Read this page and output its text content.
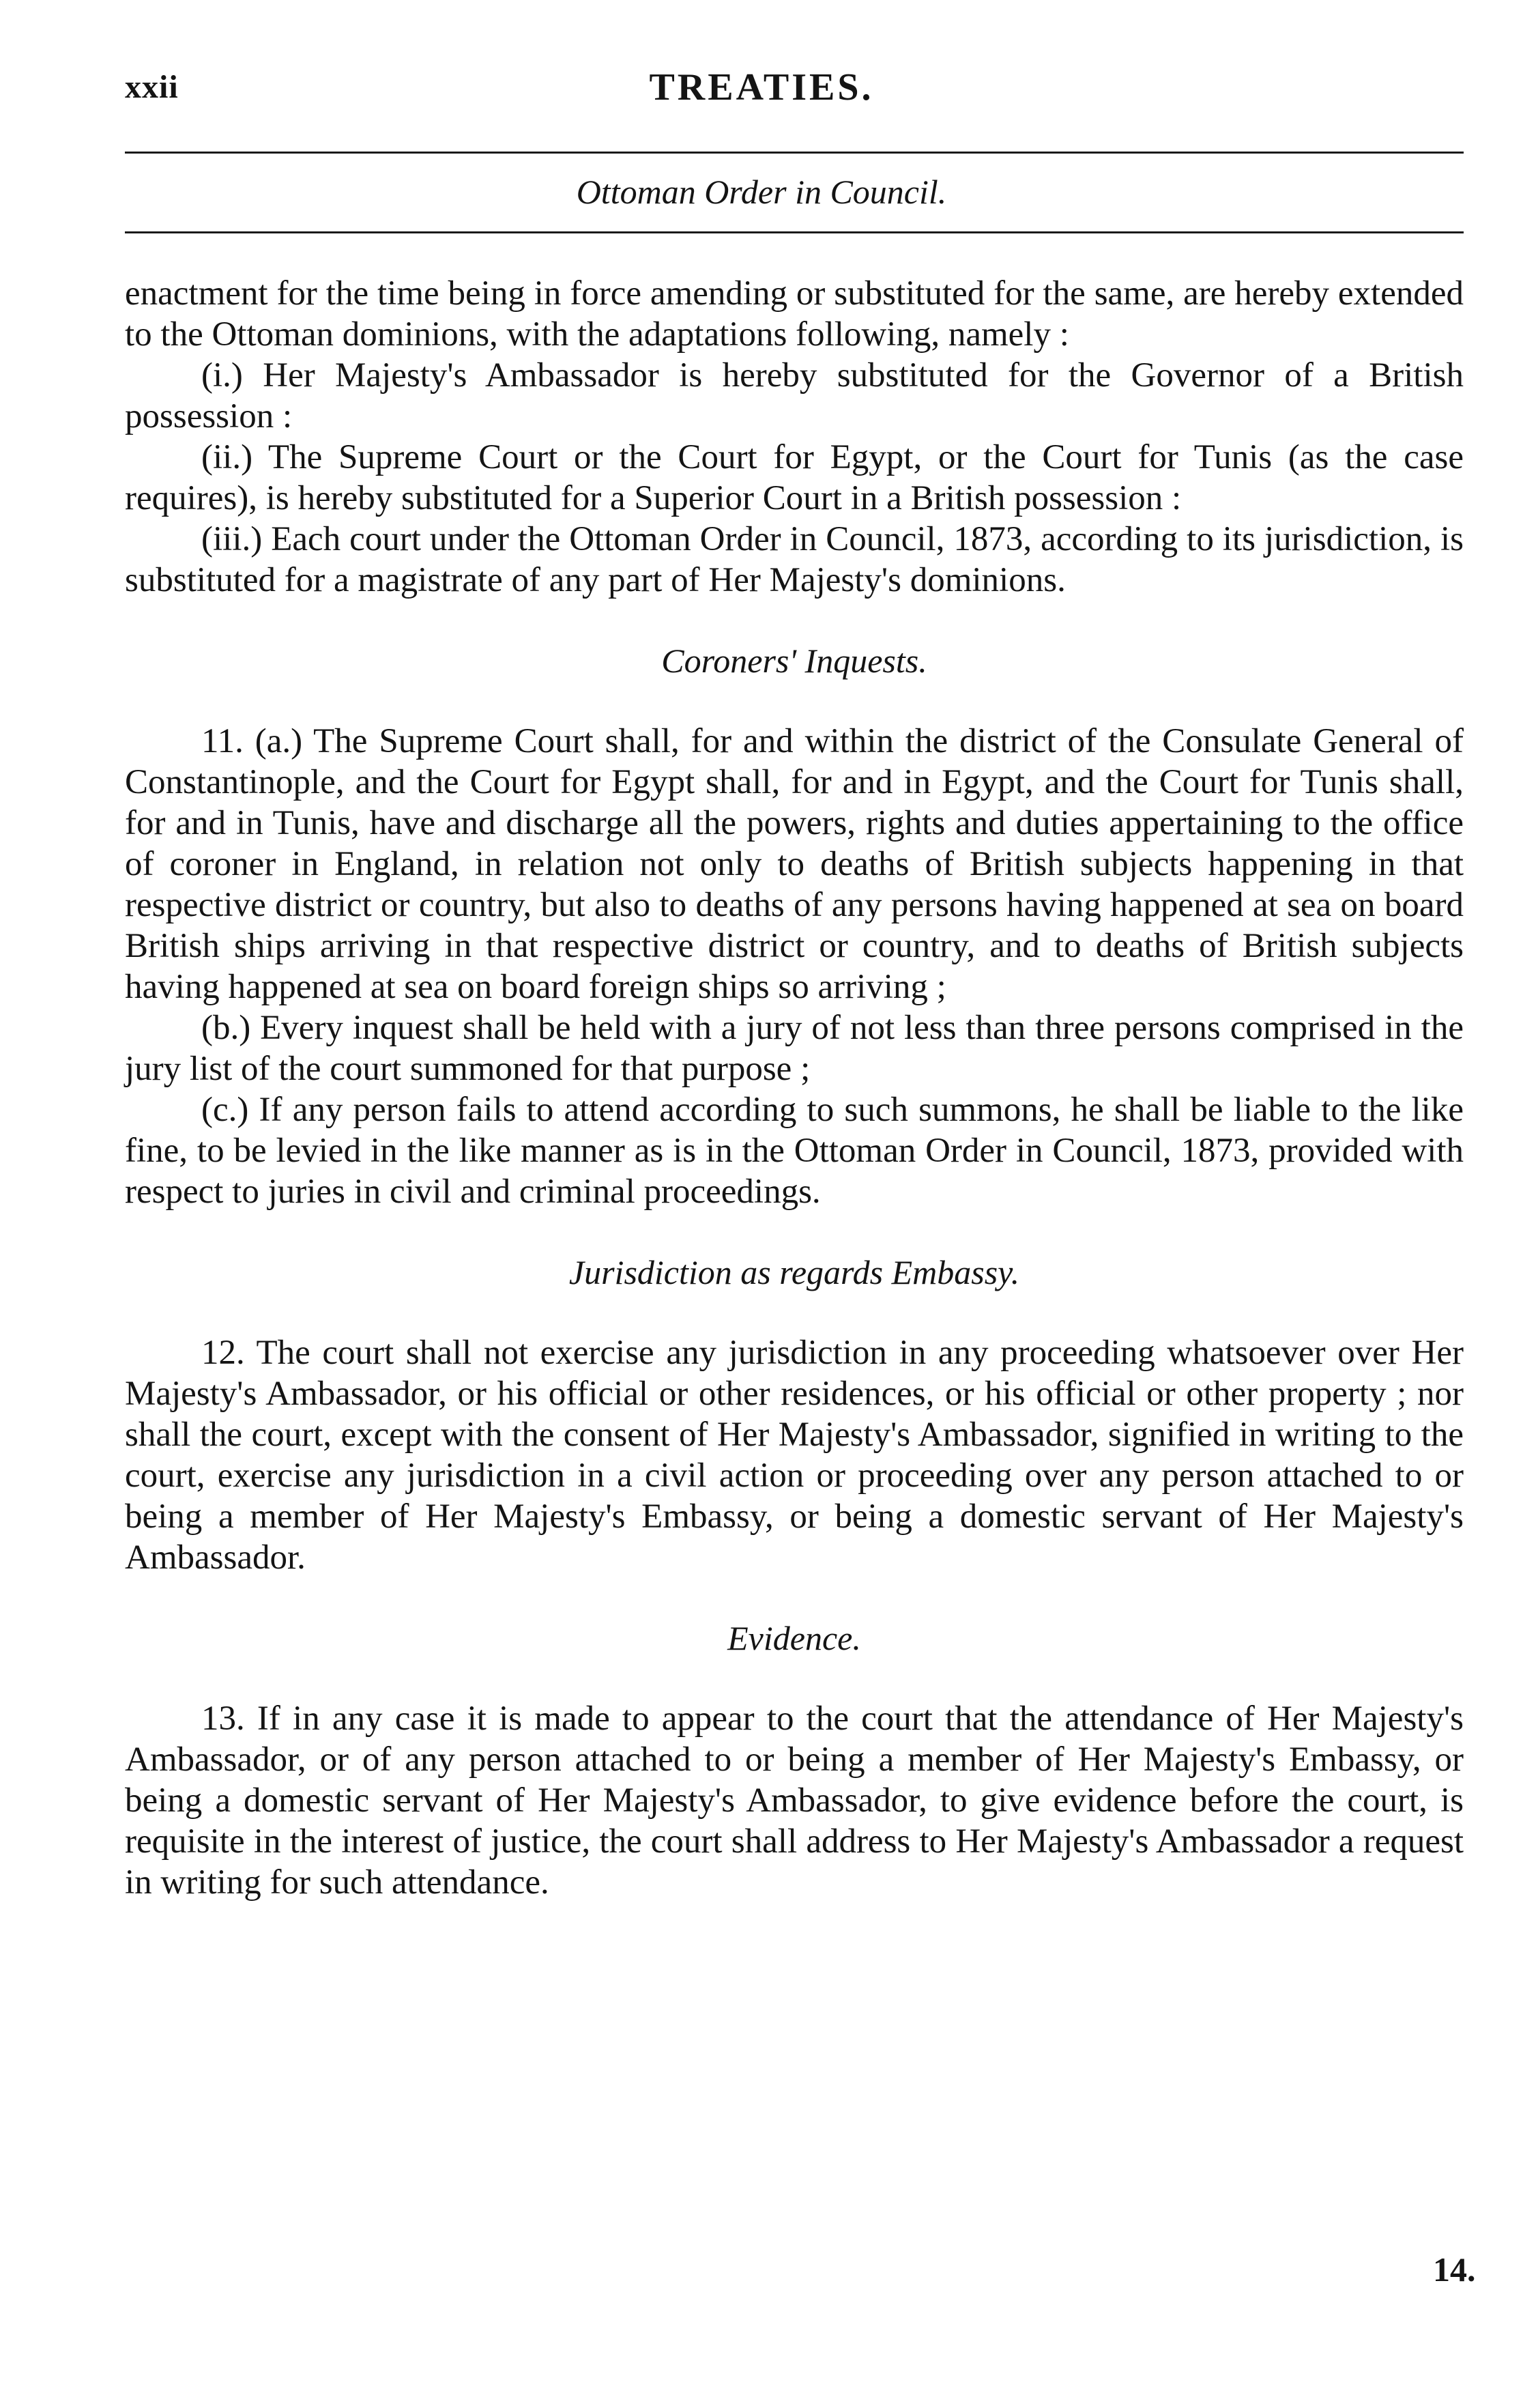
xxii	TREATIES.
Ottoman Order in Council.

enactment for the time being in force amending or substituted for the same, are hereby extended to the Ottoman dominions, with the adaptations following, namely :

(i.) Her Majesty's Ambassador is hereby substituted for the Governor of a British possession :

(ii.) The Supreme Court or the Court for Egypt, or the Court for Tunis (as the case requires), is hereby substituted for a Superior Court in a British possession :

(iii.) Each court under the Ottoman Order in Council, 1873, according to its jurisdiction, is substituted for a magistrate of any part of Her Majesty's dominions.

Coroners' Inquests.

11. (a.) The Supreme Court shall, for and within the district of the Consulate General of Constantinople, and the Court for Egypt shall, for and in Egypt, and the Court for Tunis shall, for and in Tunis, have and discharge all the powers, rights and duties appertaining to the office of coroner in England, in relation not only to deaths of British subjects happening in that respective district or country, but also to deaths of any persons having happened at sea on board British ships arriving in that respective district or country, and to deaths of British subjects having happened at sea on board foreign ships so arriving ;

(b.) Every inquest shall be held with a jury of not less than three persons comprised in the jury list of the court summoned for that purpose ;

(c.) If any person fails to attend according to such summons, he shall be liable to the like fine, to be levied in the like manner as is in the Ottoman Order in Council, 1873, provided with respect to juries in civil and criminal proceedings.

Jurisdiction as regards Embassy.

12. The court shall not exercise any jurisdiction in any proceeding whatsoever over Her Majesty's Ambassador, or his official or other residences, or his official or other property ; nor shall the court, except with the consent of Her Majesty's Ambassador, signified in writing to the court, exercise any jurisdiction in a civil action or proceeding over any person attached to or being a member of Her Majesty's Embassy, or being a domestic servant of Her Majesty's Ambassador.

Evidence.

13. If in any case it is made to appear to the court that the attendance of Her Majesty's Ambassador, or of any person attached to or being a member of Her Majesty's Embassy, or being a domestic servant of Her Majesty's Ambassador, to give evidence before the court, is requisite in the interest of justice, the court shall address to Her Majesty's Ambassador a request in writing for such attendance.

14.
